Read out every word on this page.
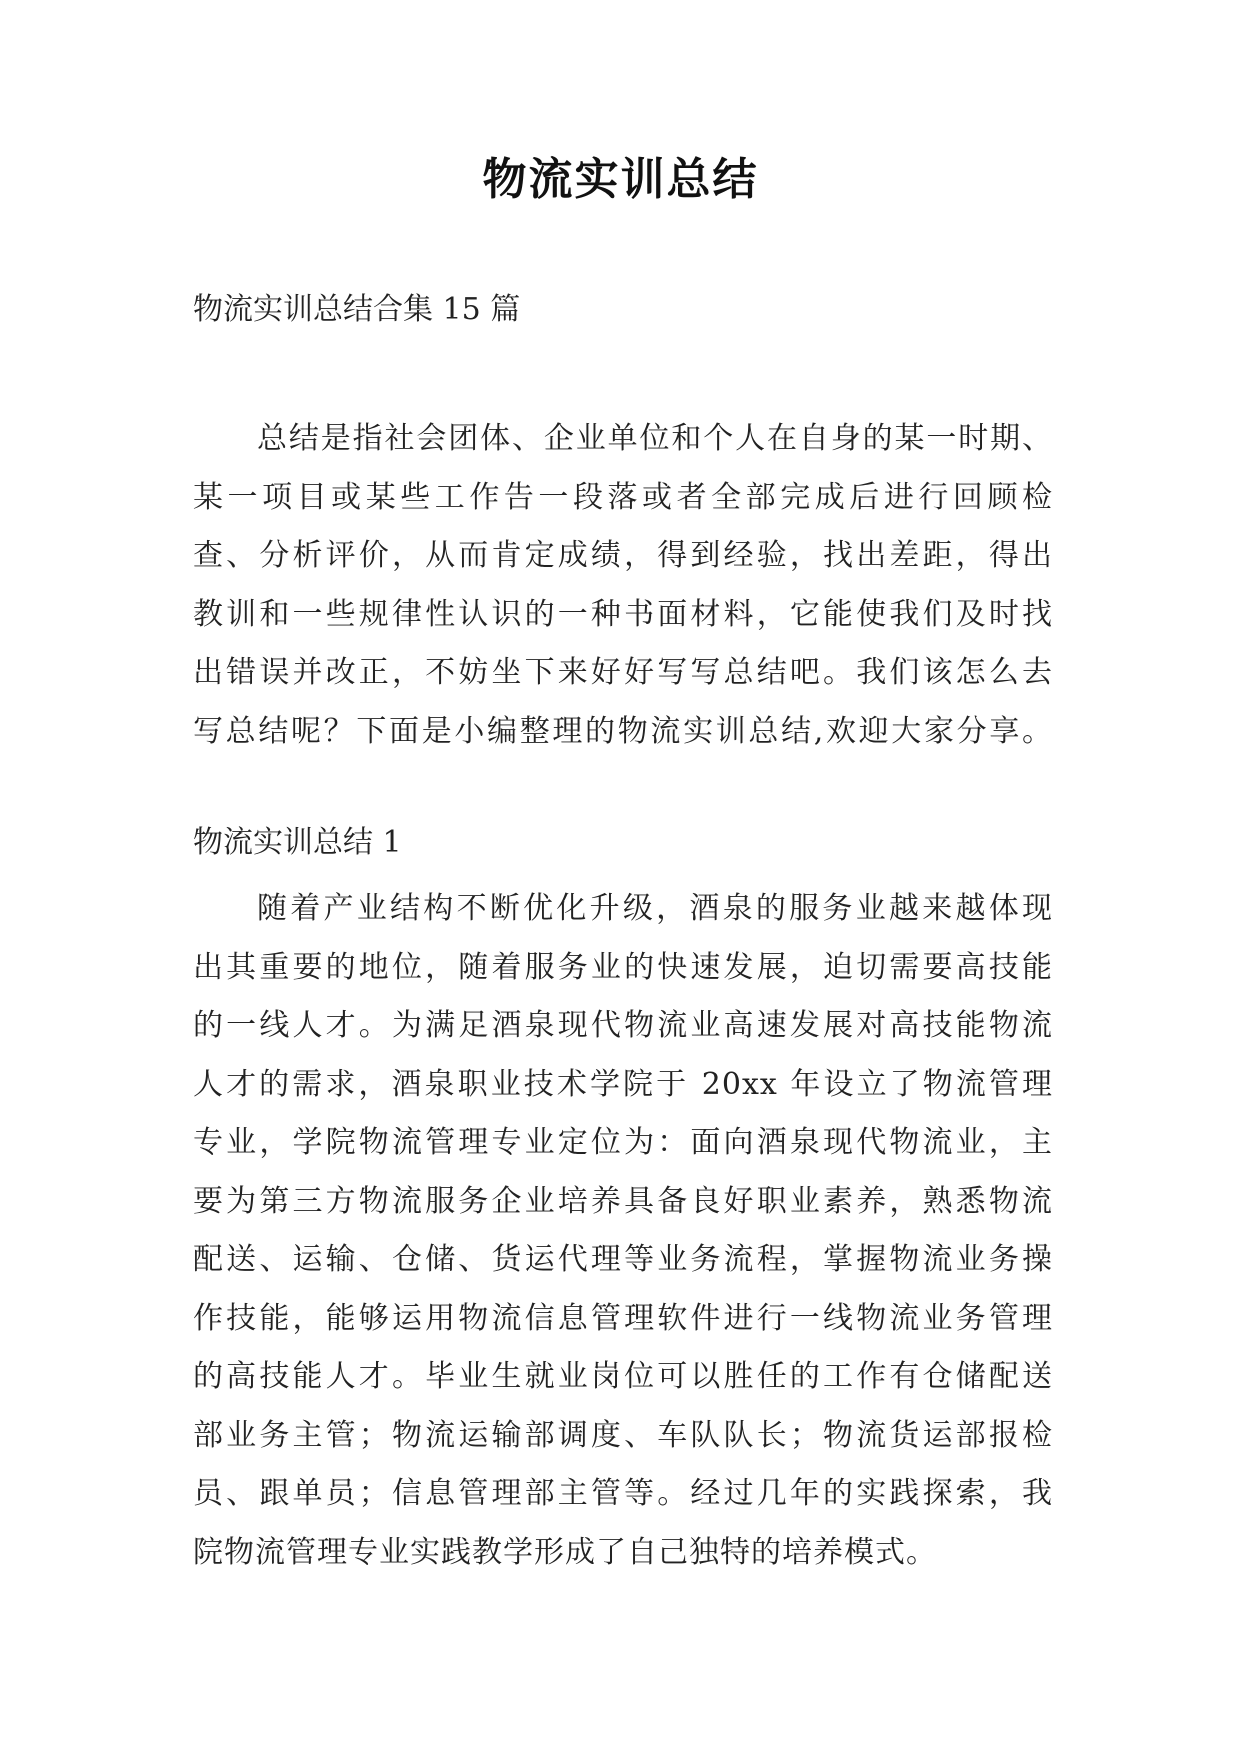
物流实训总结
物流实训总结合集 15 篇
总结是指社会团体、企业单位和个人在自身的某一时期、
某一项目或某些工作告一段落或者全部完成后进行回顾检
查、分析评价，从而肯定成绩，得到经验，找出差距，得出
教训和一些规律性认识的一种书面材料，它能使我们及时找
出错误并改正，不妨坐下来好好写写总结吧。我们该怎么去
写总结呢？下面是小编整理的物流实训总结,欢迎大家分享。
物流实训总结 1
随着产业结构不断优化升级，酒泉的服务业越来越体现
出其重要的地位，随着服务业的快速发展，迫切需要高技能
的一线人才。为满足酒泉现代物流业高速发展对高技能物流
人才的需求，酒泉职业技术学院于 20xx 年设立了物流管理
专业，学院物流管理专业定位为：面向酒泉现代物流业，主
要为第三方物流服务企业培养具备良好职业素养，熟悉物流
配送、运输、仓储、货运代理等业务流程，掌握物流业务操
作技能，能够运用物流信息管理软件进行一线物流业务管理
的高技能人才。毕业生就业岗位可以胜任的工作有仓储配送
部业务主管；物流运输部调度、车队队长；物流货运部报检
员、跟单员；信息管理部主管等。经过几年的实践探索，我
院物流管理专业实践教学形成了自己独特的培养模式。
